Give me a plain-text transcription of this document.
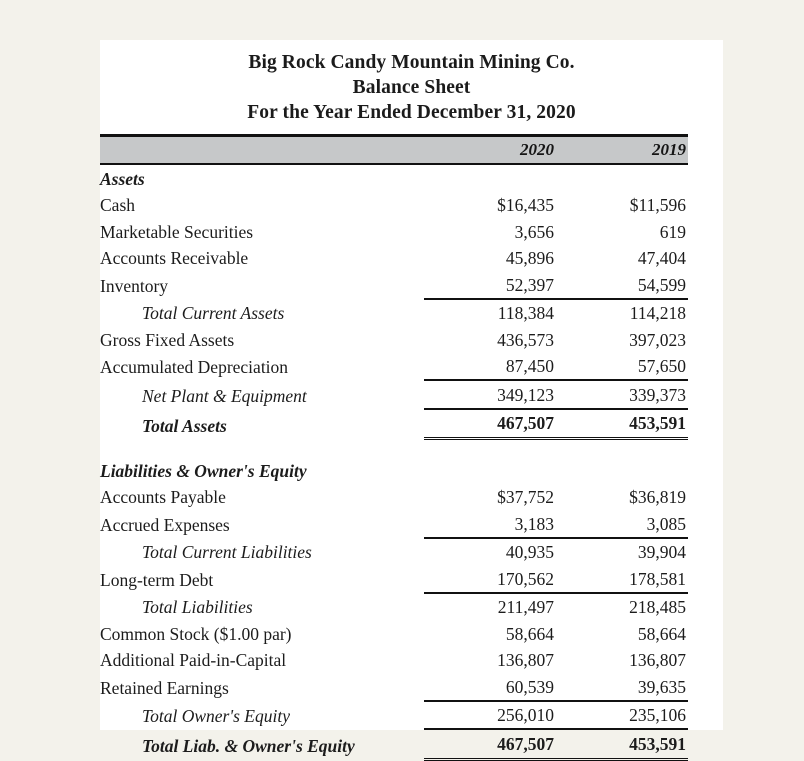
Big Rock Candy Mountain Mining Co.
Balance Sheet
For the Year Ended December 31, 2020
	2020	2019
Assets		
Cash	$16,435	$11,596
Marketable Securities	3,656	619
Accounts Receivable	45,896	47,404
Inventory	52,397	54,599
Total Current Assets	118,384	114,218
Gross Fixed Assets	436,573	397,023
Accumulated Depreciation	87,450	57,650
Net Plant & Equipment	349,123	339,373
Total Assets	467,507	453,591

Liabilities & Owner's Equity		
Accounts Payable	$37,752	$36,819
Accrued Expenses	3,183	3,085
Total Current Liabilities	40,935	39,904
Long-term Debt	170,562	178,581
Total Liabilities	211,497	218,485
Common Stock ($1.00 par)	58,664	58,664
Additional Paid-in-Capital	136,807	136,807
Retained Earnings	60,539	39,635
Total Owner's Equity	256,010	235,106
Total Liab. & Owner's Equity	467,507	453,591
